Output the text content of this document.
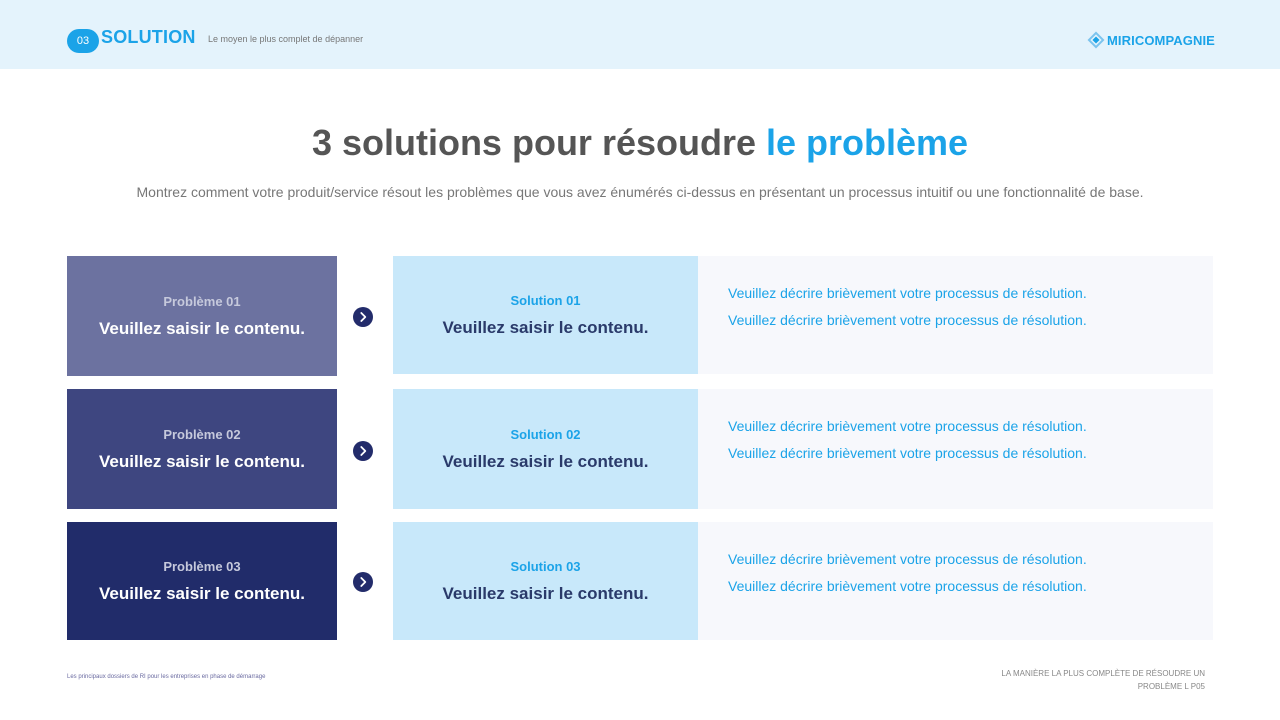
03 SOLUTION Le moyen le plus complet de dépanner	MIRICOMPAGNIE
3 solutions pour résoudre le problème
Montrez comment votre produit/service résout les problèmes que vous avez énumérés ci-dessus en présentant un processus intuitif ou une fonctionnalité de base.
Problème 01
Veuillez saisir le contenu.
Solution 01
Veuillez saisir le contenu.
Veuillez décrire brièvement votre processus de résolution.
Veuillez décrire brièvement votre processus de résolution.
Problème 02
Veuillez saisir le contenu.
Solution 02
Veuillez saisir le contenu.
Veuillez décrire brièvement votre processus de résolution.
Veuillez décrire brièvement votre processus de résolution.
Problème 03
Veuillez saisir le contenu.
Solution 03
Veuillez saisir le contenu.
Veuillez décrire brièvement votre processus de résolution.
Veuillez décrire brièvement votre processus de résolution.
Les principaux dossiers de RI pour les entreprises en phase de démarrage	LA MANIÈRE LA PLUS COMPLÈTE DE RÉSOUDRE UN PROBLÈME L P05
